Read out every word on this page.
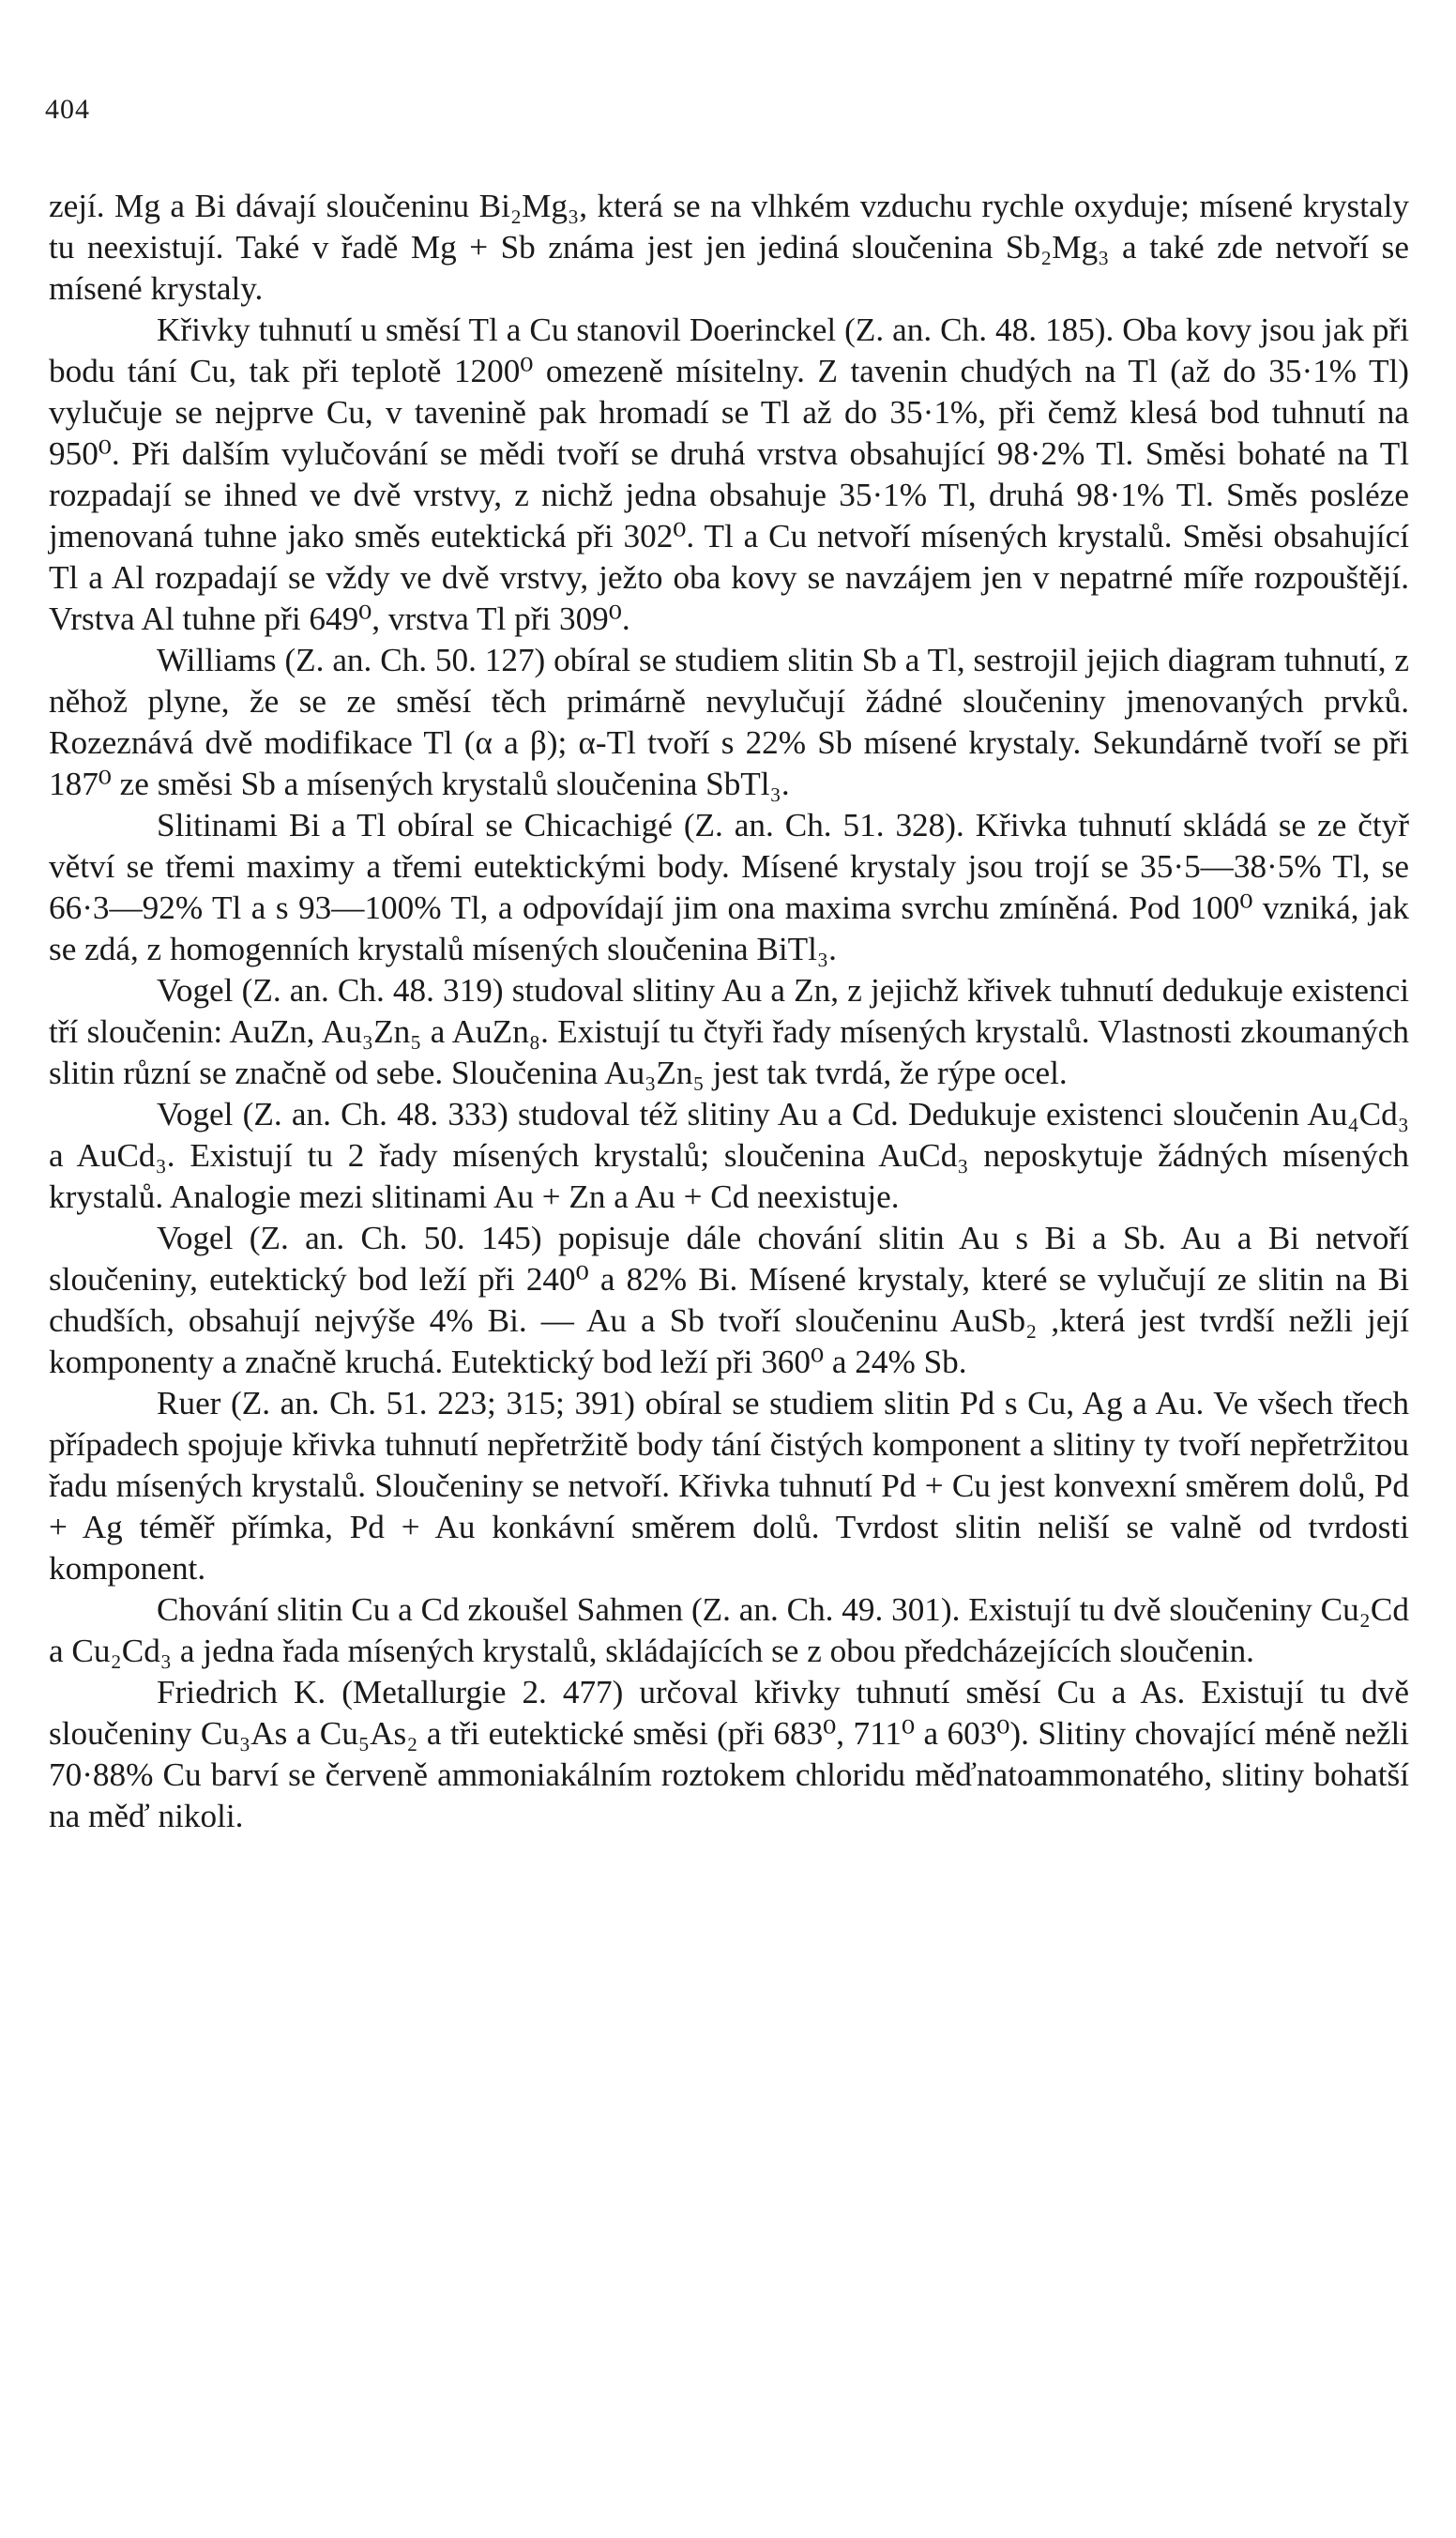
404

zejí. Mg a Bi dávají sloučeninu Bi₂Mg₃, která se na vlhkém vzduchu rychle oxyduje; mísené krystaly tu neexistují. Také v řadě Mg + Sb známa jest jen jediná sloučenina Sb₂Mg₃ a také zde netvoří se mísené krystaly.

Křivky tuhnutí u směsí Tl a Cu stanovil Doerinckel (Z. an. Ch. 48. 185). Oba kovy jsou jak při bodu tání Cu, tak při teplotě 1200⁰ omezeně mísitelny. Z tavenin chudých na Tl (až do 35·1% Tl) vylučuje se nejprve Cu, v tavenině pak hromadí se Tl až do 35·1%, při čemž klesá bod tuhnutí na 950⁰. Při dalším vylučování se mědi tvoří se druhá vrstva obsahující 98·2% Tl. Směsi bohaté na Tl rozpadají se ihned ve dvě vrstvy, z nichž jedna obsahuje 35·1% Tl, druhá 98·1% Tl. Směs posléze jmenovaná tuhne jako směs eutektická při 302⁰. Tl a Cu netvoří mísených krystalů. Směsi obsahující Tl a Al rozpadají se vždy ve dvě vrstvy, ježto oba kovy se navzájem jen v nepatrné míře rozpouštějí. Vrstva Al tuhne při 649⁰, vrstva Tl při 309⁰.

Williams (Z. an. Ch. 50. 127) obíral se studiem slitin Sb a Tl, sestrojil jejich diagram tuhnutí, z něhož plyne, že se ze směsí těch primárně nevylučují žádné sloučeniny jmenovaných prvků. Rozeznává dvě modifikace Tl (α a β); α-Tl tvoří s 22% Sb mísené krystaly. Sekundárně tvoří se při 187⁰ ze směsi Sb a mísených krystalů sloučenina SbTl₃.

Slitinami Bi a Tl obíral se Chicachigé (Z. an. Ch. 51. 328). Křivka tuhnutí skládá se ze čtyř větví se třemi maximy a třemi eutektickými body. Mísené krystaly jsou trojí se 35·5—38·5% Tl, se 66·3—92% Tl a s 93—100% Tl, a odpovídají jim ona maxima svrchu zmíněná. Pod 100⁰ vzniká, jak se zdá, z homogenních krystalů mísených sloučenina BiTl₃.

Vogel (Z. an. Ch. 48. 319) studoval slitiny Au a Zn, z jejichž křivek tuhnutí dedukuje existenci tří sloučenin: AuZn, Au₃Zn₅ a AuZn₈. Existují tu čtyři řady mísených krystalů. Vlastnosti zkoumaných slitin různí se značně od sebe. Sloučenina Au₃Zn₅ jest tak tvrdá, že rýpe ocel.

Vogel (Z. an. Ch. 48. 333) studoval též slitiny Au a Cd. Dedukuje existenci sloučenin Au₄Cd₃ a AuCd₃. Existují tu 2 řady mísených krystalů; sloučenina AuCd₃ neposkytuje žádných mísených krystalů. Analogie mezi slitinami Au + Zn a Au + Cd neexistuje.

Vogel (Z. an. Ch. 50. 145) popisuje dále chování slitin Au s Bi a Sb. Au a Bi netvoří sloučeniny, eutektický bod leží při 240⁰ a 82% Bi. Mísené krystaly, které se vylučují ze slitin na Bi chudších, obsahují nejvýše 4% Bi. — Au a Sb tvoří sloučeninu AuSb₂ ,která jest tvrdší nežli její komponenty a značně kruchá. Eutektický bod leží při 360⁰ a 24% Sb.

Ruer (Z. an. Ch. 51. 223; 315; 391) obíral se studiem slitin Pd s Cu, Ag a Au. Ve všech třech případech spojuje křivka tuhnutí nepřetržitě body tání čistých komponent a slitiny ty tvoří nepřetržitou řadu mísených krystalů. Sloučeniny se netvoří. Křivka tuhnutí Pd + Cu jest konvexní směrem dolů, Pd + Ag téměř přímka, Pd + Au konkávní směrem dolů. Tvrdost slitin neliší se valně od tvrdosti komponent.

Chování slitin Cu a Cd zkoušel Sahmen (Z. an. Ch. 49. 301). Existují tu dvě sloučeniny Cu₂Cd a Cu₂Cd₃ a jedna řada mísených krystalů, skládajících se z obou předcházejících sloučenin.

Friedrich K. (Metallurgie 2. 477) určoval křivky tuhnutí směsí Cu a As. Existují tu dvě sloučeniny Cu₃As a Cu₅As₂ a tři eutektické směsi (při 683⁰, 711⁰ a 603⁰). Slitiny chovající méně nežli 70·88% Cu barví se červeně ammoniakálním roztokem chloridu měďnatoammonatého, slitiny bohatší na měď nikoli.
